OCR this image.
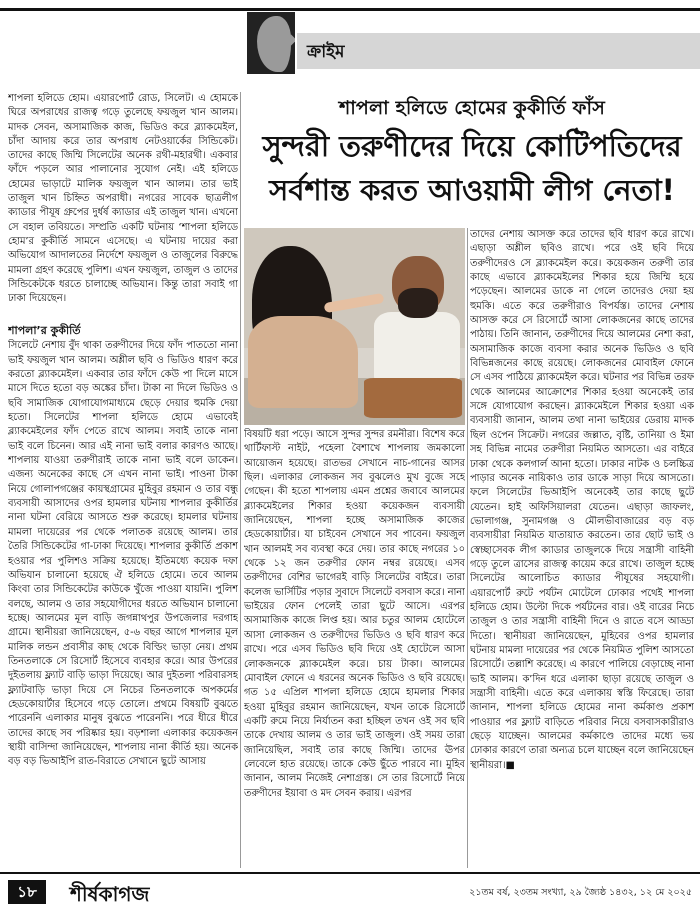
ক্রাইম
শাপলা হলিডে হোম। এয়ারপোর্ট রোড, সিলেট। এ হোমকে ঘিরে অপরাধের রাজত্ব গড়ে তুলেছে ফয়জুল খান আলম। মাদক সেবন, অসামাজিক কাজ, ভিডিও করে ব্ল্যাকমেইল, চাঁদা আদায় করে তার অপরাধ নেটওয়ার্কের সিন্ডিকেট। তাদের কাছে জিম্মি সিলেটের অনেক রথী-মহারথী। একবার ফাঁদে পড়লে আর পালানোর সুযোগ নেই। এই হলিডে হোমের ভাড়াটে মালিক ফয়জুল খান আলম। তার ভাই তাজুল খান চিহ্নিত অপরাধী। নগরের সাবেক ছাত্রলীগ ক্যাডার পীযূষ গ্রুপের দুর্ধর্ষ ক্যাডার এই তাজুল খান। এখনো সে বহাল তবিয়তে। সম্প্রতি একটি ঘটনায় ‘শাপলা হলিডে হোম’র কুকীর্তি সামনে এসেছে। এ ঘটনায় দায়ের করা অভিযোগ আদালতের নির্দেশে ফয়জুল ও তাজুলের বিরুদ্ধে মামলা গ্রহণ করেছে পুলিশ। এখন ফয়জুল, তাজুল ও তাদের সিন্ডিকেটকে ধরতে চালাচ্ছে অভিযান। কিন্তু তারা সবাই গা ঢাকা দিয়েছেন।
শাপলা হলিডে হোমের কুকীর্তি ফাঁস
সুন্দরী তরুণীদের দিয়ে কোটিপতিদের
সর্বশান্ত করত আওয়ামী লীগ নেতা!

শাপলা’র কুকীর্তি

সিলেটে নেশায় বুঁদ থাকা তরুণীদের দিয়ে ফাঁদ পাততো নানা ভাই ফয়জুল খান আলম। অশ্লীল ছবি ও ভিডিও ধারণ করে করতো ব্ল্যাকমেইল। একবার তার ফাঁদে কেউ পা দিলে মাসে মাসে দিতে হতো বড় অঙ্কের চাঁদা। টাকা না দিলে ভিডিও ও ছবি সামাজিক যোগাযোগমাধ্যমে ছেড়ে দেয়ার হুমকি দেয়া হতো। সিলেটের শাপলা হলিডে হোমে এভাবেই ব্ল্যাকমেইলের ফাঁদ পেতে রাখে আলম। সবাই তাকে নানা ভাই বলে চিনেন। আর এই নানা ভাই বলার কারণও আছে। শাপলায় যাওয়া তরুণীরাই তাকে নানা ভাই বলে ডাকেন। এজন্য অনেকের কাছে সে এখন নানা ভাই। পাওনা টাকা নিয়ে গোলাপগঞ্জের কায়স্থগ্রামের মুহিবুর রহমান ও তার বন্ধু ব্যবসায়ী আসাদের ওপর হামলার ঘটনায় শাপলার কুকীর্তির নানা ঘটনা বেরিয়ে আসতে শুরু করেছে। হামলার ঘটনায় মামলা দায়েরের পর থেকে পলাতক রয়েছে আলম। তার তৈরি সিন্ডিকেটের গা-ঢাকা দিয়েছে। শাপলার কুকীর্তি প্রকাশ হওয়ার পর পুলিশও সক্রিয় হয়েছে। ইতিমধ্যে কয়েক দফা অভিযান চালানো হয়েছে ঐ হলিডে হোমে। তবে আলম কিংবা তার সিন্ডিকেটের কাউকে খুঁজে পাওয়া যায়নি। পুলিশ বলছে, আলম ও তার সহযোগীদের ধরতে অভিযান চালানো হচ্ছে। আলমের মূল বাড়ি জগন্নাথপুর উপজেলার দরগাহ গ্রামে। স্থানীয়রা জানিয়েছেন, ৫-৬ বছর আগে শাপলার মূল মালিক লন্ডন প্রবাসীর কাছ থেকে বিল্ডিং ভাড়া নেয়। প্রথম তিনতলাকে সে রিসোর্ট হিসেবে ব্যবহার করে। আর উপরের দুইতলায় ফ্ল্যাট বাড়ি ভাড়া দিয়েছে। আর দুইতলা পরিবারসহ ফ্ল্যাটবাড়ি ভাড়া দিয়ে সে নিচের তিনতলাকে অপকর্মের হেডকোয়ার্টার হিসেবে গড়ে তোলে। প্রথমে বিষয়টি বুঝতে পারেননি এলাকার মানুষ বুঝতে পারেননি। পরে ধীরে ধীরে তাদের কাছে সব পরিষ্কার হয়। বড়শালা এলাকার কয়েকজন স্থায়ী বাসিন্দা জানিয়েছেন, শাপলায় নানা কীর্তি হয়। অনেক বড় বড় ভিআইপি রাত-বিরাতে সেখানে ছুটে আসায়

বিষয়টি ধরা পড়ে। আসে সুন্দর সুন্দর রমনীরা। বিশেষ করে থার্টিফাস্ট নাইট, পহেলা বৈশাখে শাপলায় জমকালো আয়োজন হয়েছে। রাতভর সেখানে নাচ-গানের আসর ছিল। এলাকার লোকজন সব বুঝলেও মুখ বুজে সহে গেছেন। কী হতো শাপলায় এমন প্রশ্নের জবাবে আলমের ব্ল্যাকমেইলের শিকার হওয়া কয়েকজন ব্যবসায়ী জানিয়েছেন, শাপলা হচ্ছে অসামাজিক কাজের হেডকোয়ার্টার। যা চাইবেন সেখানে সব পাবেন। ফয়জুল খান আলমই সব ব্যবস্থা করে দেয়। তার কাছে নগরের ১০ থেকে ১২ জন তরুণীর ফোন নম্বর রয়েছে। এসব তরুণীদের বেশির ভাগেরই বাড়ি সিলেটের বাইরে। তারা কলেজ ভার্সিটির পড়ার সুবাদে সিলেটে বসবাস করে। নানা ভাইয়ের ফোন পেলেই তারা ছুটে আসে। এরপর অসামাজিক কাজে লিপ্ত হয়। আর চতুর আলম হোটেলে আসা লোকজন ও তরুণীদের ভিডিও ও ছবি ধারণ করে রাখে। পরে এসব ভিডিও ছবি দিয়ে ওই হোটেলে আসা লোকজনকে ব্ল্যাকমেইল করে। চায় টাকা। আলমের মোবাইল ফোনে এ ধরনের অনেক ভিডিও ও ছবি রয়েছে। গত ১৫ এপ্রিল শাপলা হলিডে হোমে হামলার শিকার হওয়া মুহিবুর রহমান জানিয়েছেন, যখন তাকে রিসোর্টে একটি রুমে নিয়ে নির্যাতন করা হচ্ছিল তখন ওই সব ছবি তাকে দেখায় আলম ও তার ভাই তাজুল। ওই সময় তারা জানিয়েছিল, সবাই তার কাছে জিম্মি। তাদের ঊপর লেবেলে হাত রয়েছে। তাকে কেউ ছুঁতে পারবে না। মুহিব জানান, আলম নিজেই নেশাগ্রস্ত। সে তার রিসোর্টে নিয়ে তরুণীদের ইয়াবা ও মদ সেবন করায়। এরপর

তাদের নেশায় আসক্ত করে তাদের ছবি ধারণ করে রাখে। এছাড়া অশ্লীল ছবিও রাখে। পরে ওই ছবি দিয়ে তরুণীদেরও সে ব্ল্যাকমেইল করে। কয়েকজন তরুণী তার কাছে এভাবে ব্ল্যাকমেইলের শিকার হয়ে জিম্মি হয়ে পড়েছেন। আলমের ডাকে না গেলে তাদেরও দেয়া হয় হুমকি। এতে করে তরুণীরাও বিপর্যস্ত। তাদের নেশায় আসক্ত করে সে রিসোর্টে আসা লোকজনের কাছে তাদের পাঠায়। তিনি জানান, তরুণীদের দিয়ে আলমের নেশা করা, অসামাজিক কাজে ব্যবসা করার অনেক ভিডিও ও ছবি বিভিন্নজনের কাছে রয়েছে। লোকজনের মোবাইল ফোনে সে এসব পাঠিয়ে ব্ল্যাকমেইল করে। ঘটনার পর বিভিন্ন তরফ থেকে আলমের আক্রোশের শিকার হওয়া অনেকেই তার সঙ্গে যোগাযোগ করছেন। ব্ল্যাকমেইলে শিকার হওয়া এক ব্যবসায়ী জানান, আলম তথা নানা ভাইয়ের ডেরায় মাদক ছিল ওপেন সিক্রেট। নগরের জল্লাত, বৃষ্টি, তানিয়া ও ইমা সহ বিভিন্ন নামের তরুণীরা নিয়মিত আসতো। এর বাইরে ঢাকা থেকে কলগার্ল আনা হতো। ঢাকার নাটক ও চলচ্চিত্র পাড়ার অনেক নায়িকাও তার ডাকে সাড়া দিয়ে আসতো। ফলে সিলেটের ভিআইপি অনেকেই তার কাছে ছুটে যেতেন। হাই অফিসিয়ালরা যেতেন। এছাড়া জাফলং, ভোলাগঞ্জ, সুনামগঞ্জ ও মৌলভীবাজারের বড় বড় ব্যবসায়ীরা নিয়মিত যাতায়াত করতেন। তার ছোট ভাই ও স্বেচ্ছাসেবক লীগ ক্যাডার তাজুলকে দিয়ে সন্ত্রাসী বাহিনী গড়ে তুলে ত্রাসের রাজত্ব কায়েম করে রাখে। তাজুল হচ্ছে সিলেটের আলোচিত ক্যাডার পীযূষের সহযোগী। এয়ারপোর্ট রুটে পর্যটন মোটেলে ঢোকার পথেই শাপলা হলিডে হোম। উল্টো দিকে পর্যটনের বার। ওই বারের নিচে তাজুল ও তার সন্ত্রাসী বাহিনী দিনে ও রাতে বসে আড্ডা দিতো। স্থানীয়রা জানিয়েছেন, মুহিবের ওপর হামলার ঘটনায় মামলা দায়েরের পর থেকে নিয়মিত পুলিশ আসতো রিসোর্টে। তল্লাশি করেছে। এ কারণে পালিয়ে বেড়াচ্ছে নানা ভাই আলম। ক’দিন ধরে এলাকা ছাড়া রয়েছে তাজুল ও সন্ত্রাসী বাহিনী। এতে করে এলাকায় স্বস্তি ফিরেছে। তারা জানান, শাপলা হলিডে হোমের নানা কর্মকাণ্ড প্রকাশ পাওয়ার পর ফ্ল্যাট বাড়িতে পরিবার নিয়ে বসবাসকারীরাও ছেড়ে যাচ্ছেন। আলমের কর্মকাণ্ডে তাদের মধ্যে ভয় ঢোকার কারণে তারা অন্যত্র চলে যাচ্ছেন বলে জানিয়েছেন স্থানীয়রা।■

১৮	শীর্ষকাগজ	২১তম বর্ষ, ২৩তম সংখ্যা, ২৯ জ্যৈষ্ঠ ১৪৩২, ১২ মে ২০২৫
